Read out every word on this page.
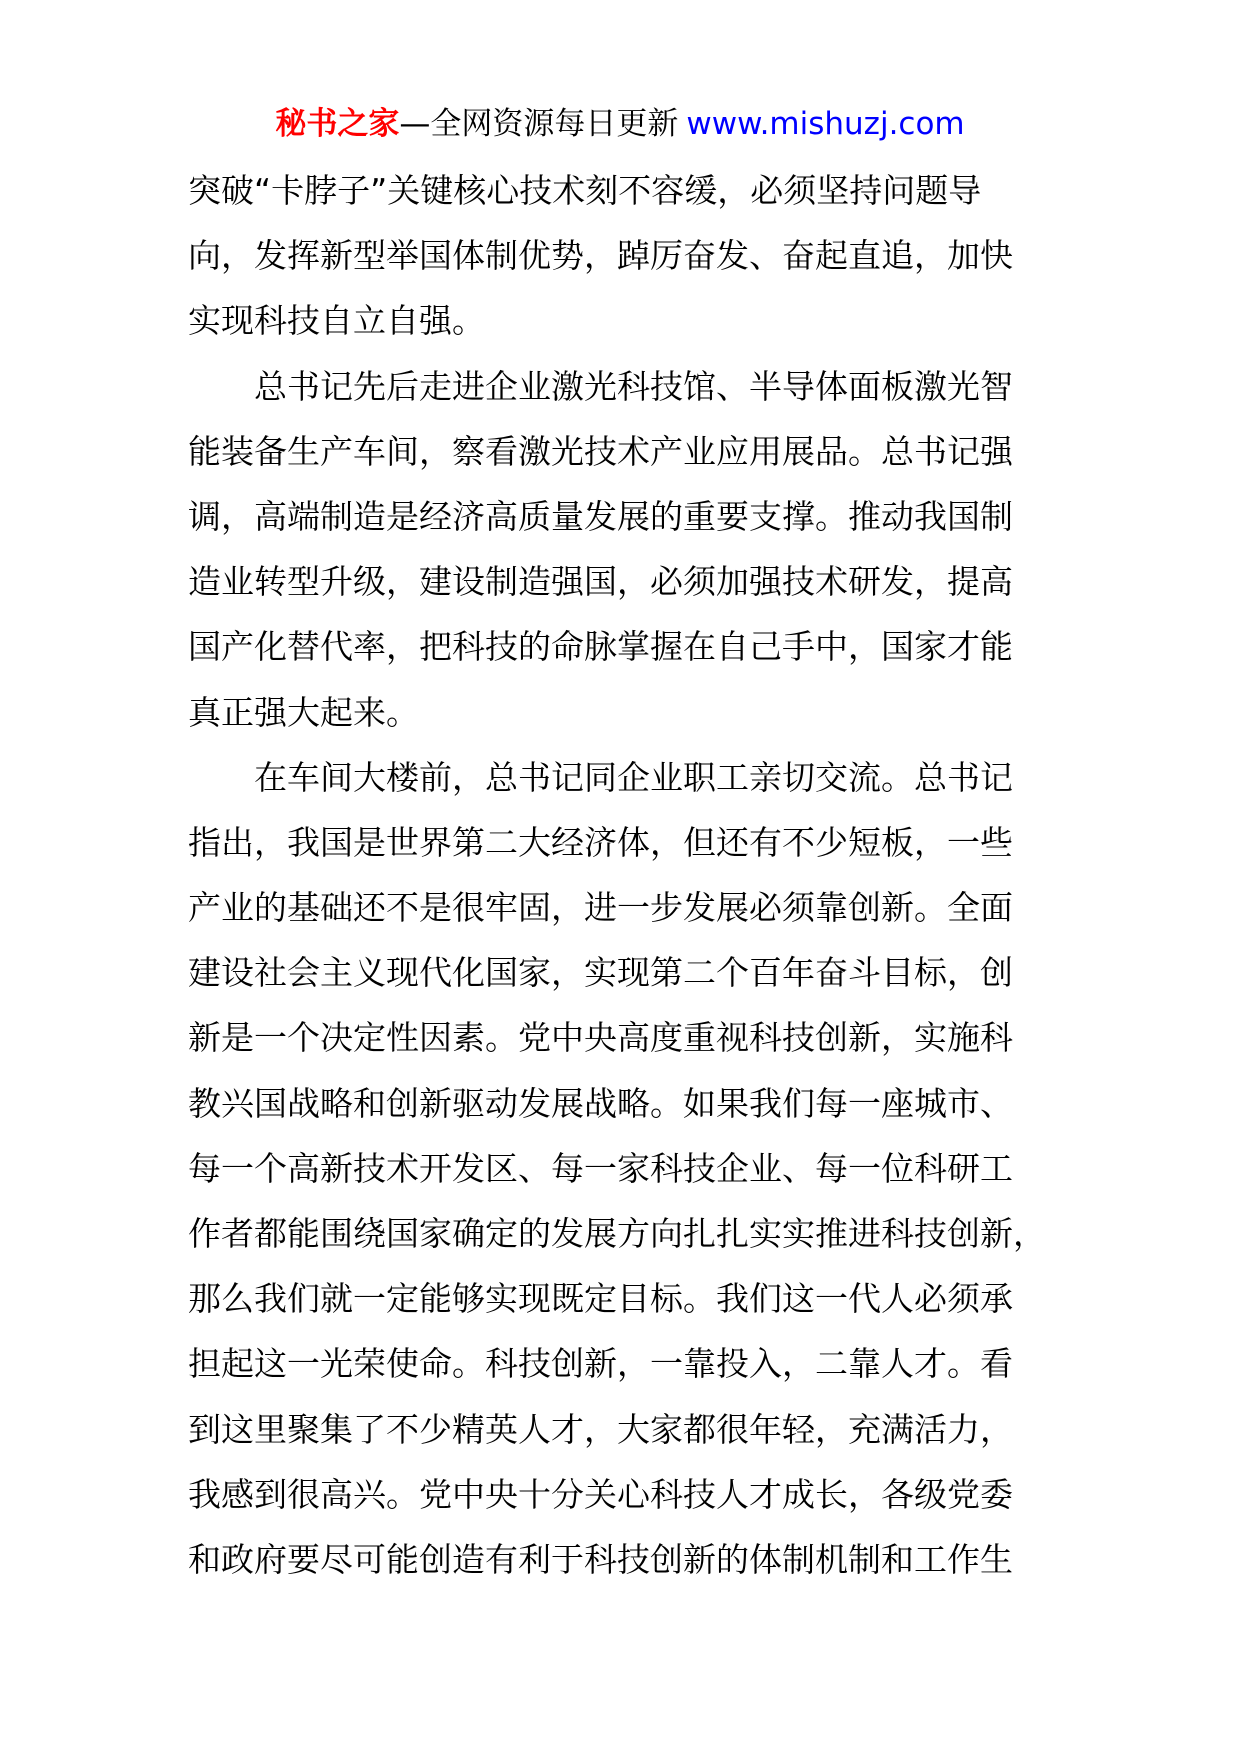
秘书之家—全网资源每日更新 www.mishuzj.com
突破“卡脖子”关键核心技术刻不容缓，必须坚持问题导
向，发挥新型举国体制优势，踔厉奋发、奋起直追，加快
实现科技自立自强。
　　总书记先后走进企业激光科技馆、半导体面板激光智
能装备生产车间，察看激光技术产业应用展品。总书记强
调，高端制造是经济高质量发展的重要支撑。推动我国制
造业转型升级，建设制造强国，必须加强技术研发，提高
国产化替代率，把科技的命脉掌握在自己手中，国家才能
真正强大起来。
　　在车间大楼前，总书记同企业职工亲切交流。总书记
指出，我国是世界第二大经济体，但还有不少短板，一些
产业的基础还不是很牢固，进一步发展必须靠创新。全面
建设社会主义现代化国家，实现第二个百年奋斗目标，创
新是一个决定性因素。党中央高度重视科技创新，实施科
教兴国战略和创新驱动发展战略。如果我们每一座城市、
每一个高新技术开发区、每一家科技企业、每一位科研工
作者都能围绕国家确定的发展方向扎扎实实推进科技创新，
那么我们就一定能够实现既定目标。我们这一代人必须承
担起这一光荣使命。科技创新，一靠投入，二靠人才。看
到这里聚集了不少精英人才，大家都很年轻，充满活力，
我感到很高兴。党中央十分关心科技人才成长，各级党委
和政府要尽可能创造有利于科技创新的体制机制和工作生
